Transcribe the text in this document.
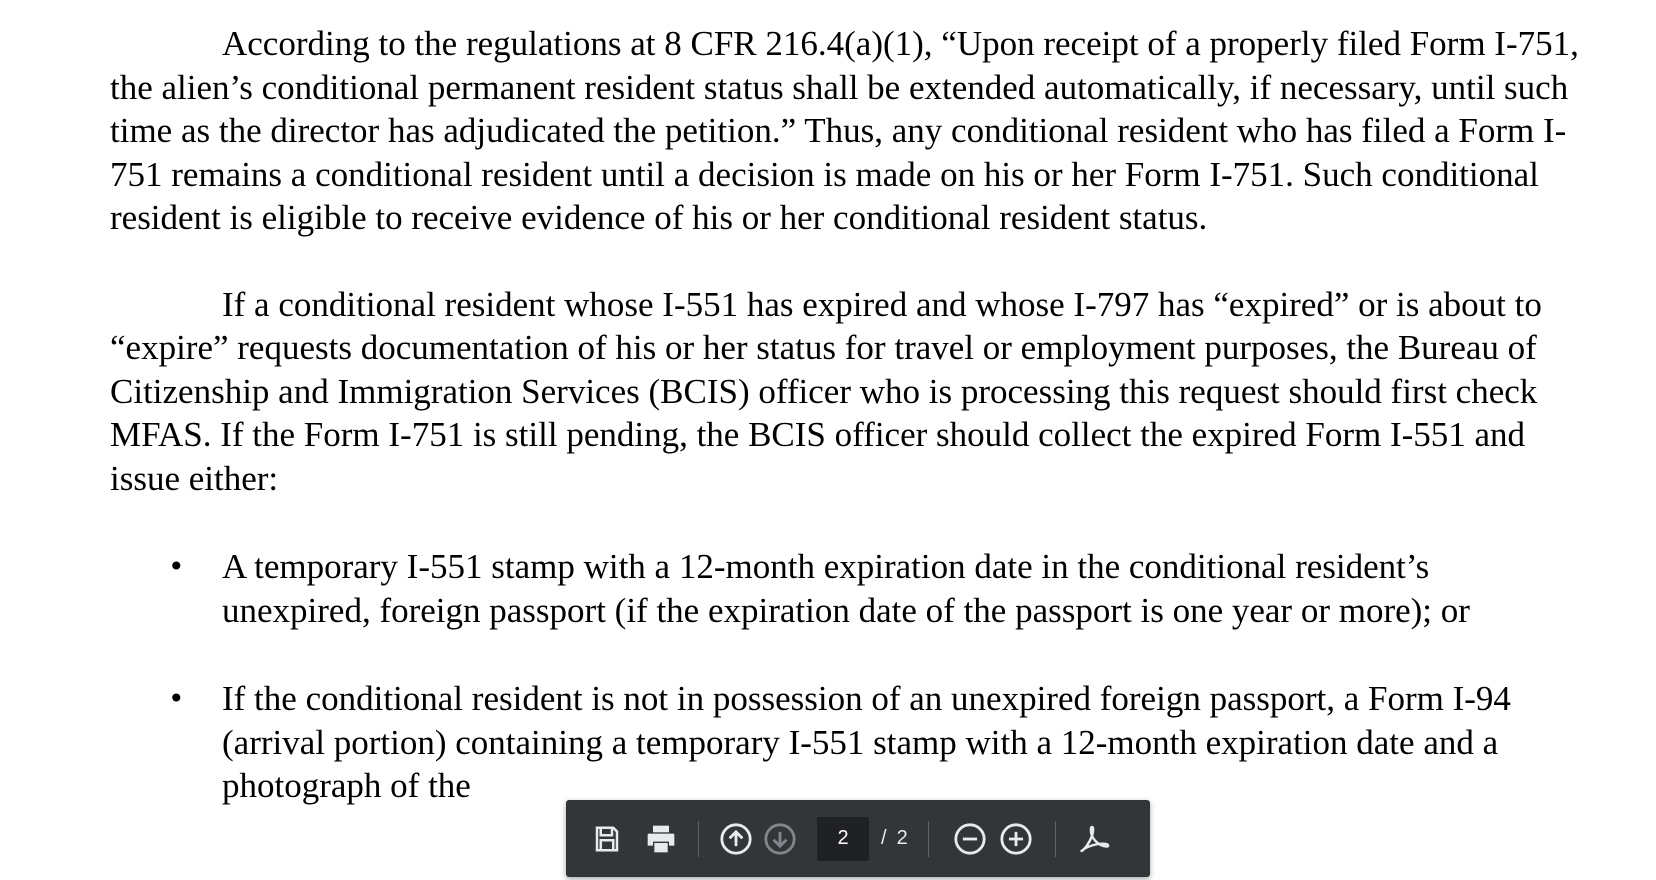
According to the regulations at 8 CFR 216.4(a)(1), “Upon receipt of a properly filed Form I-751, the alien’s conditional permanent resident status shall be extended automatically, if necessary, until such time as the director has adjudicated the petition.” Thus, any conditional resident who has filed a Form I-751 remains a conditional resident until a decision is made on his or her Form I-751. Such conditional resident is eligible to receive evidence of his or her conditional resident status.

If a conditional resident whose I-551 has expired and whose I-797 has “expired” or is about to “expire” requests documentation of his or her status for travel or employment purposes, the Bureau of Citizenship and Immigration Services (BCIS) officer who is processing this request should first check MFAS. If the Form I-751 is still pending, the BCIS officer should collect the expired Form I-551 and issue either:

• A temporary I-551 stamp with a 12-month expiration date in the conditional resident’s unexpired, foreign passport (if the expiration date of the passport is one year or more); or
• If the conditional resident is not in possession of an unexpired foreign passport, a Form I-94 (arrival portion) containing a temporary I-551 stamp with a 12-month expiration date and a photograph of the
2	/ 2
